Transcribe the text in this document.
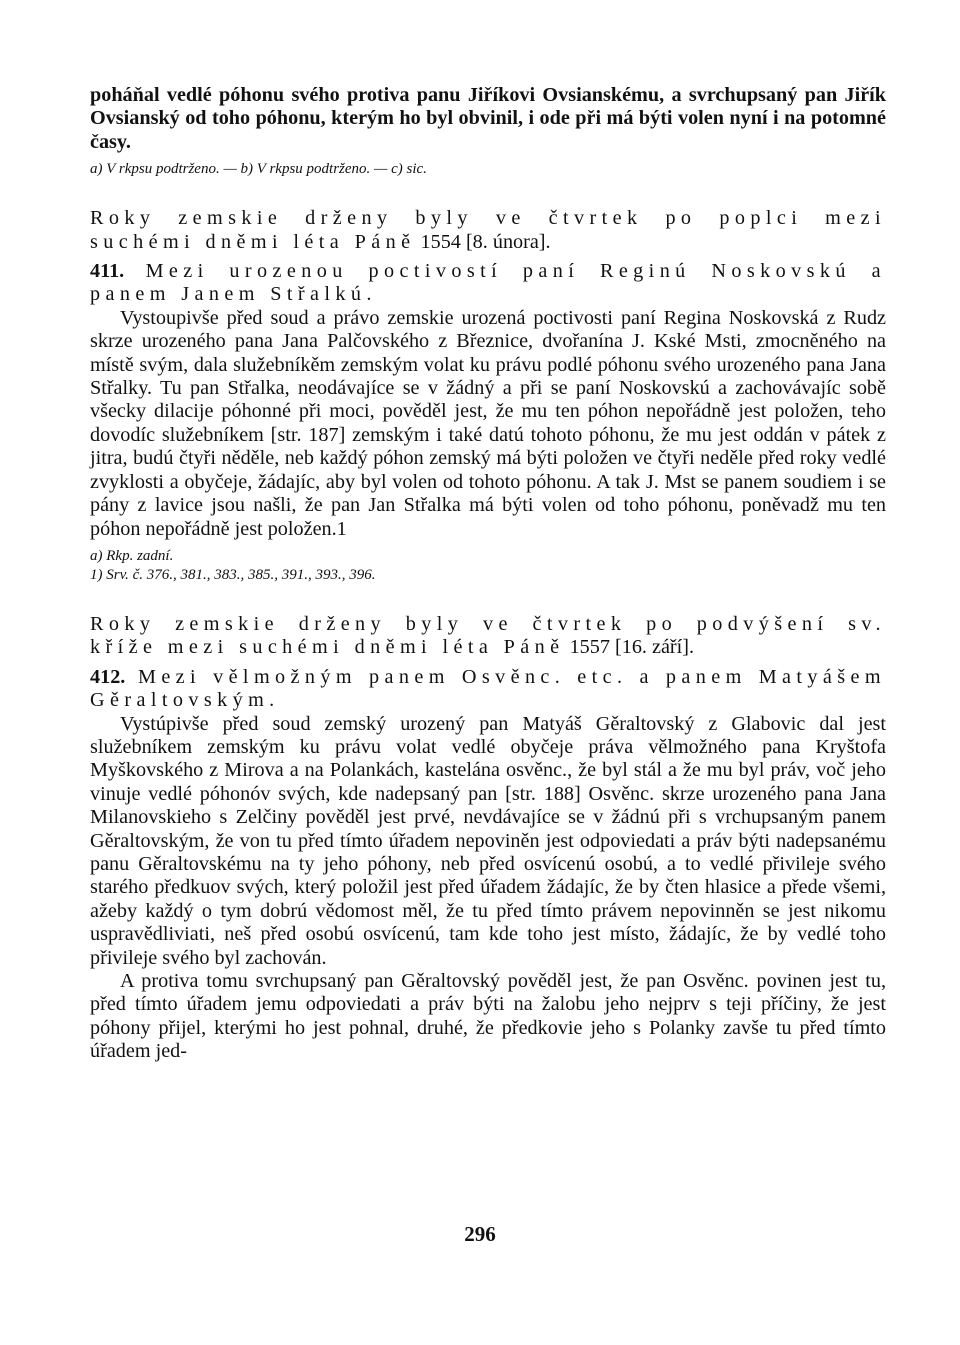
poháňal vedlé póhonu svého protiva panu Jiříkovi Ovsianskému, a svrchupsaný pan Jiřík Ovsianský od toho póhonu, kterým ho byl obvinil, i ode při má býti volen nyní i na potomné časy.

a) V rkpsu podtrženo. — b) V rkpsu podtrženo. — c) sic.

Roky zemskie drženy byly ve čtvrtek po poplci mezi suchémi dněmi léta Páně 1554 [8. února].

411. Mezi urozenou poctivostí paní Reginú Noskovskú a panem Janem Střalkú.

Vystoupivše před soud a právo zemskie urozená poctivosti paní Regina Noskovská z Rudz skrze urozeného pana Jana Palčovského z Březnice, dvořanína J. Kské Msti, zmocněného na místě svým, dala služebníkěm zemským volat ku právu podlé póhonu svého urozeného pana Jana Střalky. Tu pan Střalka, neodávajíce se v žádný a při se paní Noskovskú a zachovávajíc sobě všecky dilacije póhonné při moci, pověděl jest, že mu ten póhon nepořádně jest položen, teho dovodíc služebníkem [str. 187] zemským i také datú tohoto póhonu, že mu jest oddán v pátek z jitra, budú čtyři něděle, neb každý póhon zemský má býti položen ve čtyři neděle před roky vedlé zvyklosti a obyčeje, žádajíc, aby byl volen od tohoto póhonu. A tak J. Mst se panem soudiem i se pány z lavice jsou našli, že pan Jan Střalka má býti volen od toho póhonu, poněvadž mu ten póhon nepořádně jest položen.1

a) Rkp. zadní.

1) Srv. č. 376., 381., 383., 385., 391., 393., 396.

Roky zemskie drženy byly ve čtvrtek po podvýšení sv. kříže mezi suchémi dněmi léta Páně 1557 [16. září].

412. Mezi vělmožným panem Osvěnc. etc. a panem Matyášem Gěraltovským.

Vystúpivše před soud zemský urozený pan Matyáš Gěraltovský z Glabovic dal jest služebníkem zemským ku právu volat vedlé obyčeje práva vělmožného pana Kryštofa Myškovského z Mirova a na Polankách, kastelána osvěnc., že byl stál a že mu byl práv, voč jeho vinuje vedlé póhonóv svých, kde nadepsaný pan [str. 188] Osvěnc. skrze urozeného pana Jana Milanovskieho s Zelčiny pověděl jest prvé, nevdávajíce se v žádnú při s vrchupsaným panem Gěraltovským, že von tu před tímto úřadem nepoviněn jest odpoviedati a práv býti nadepsanému panu Gěraltovskému na ty jeho póhony, neb před osvícenú osobú, a to vedlé přivileje svého starého předkuov svých, který položil jest před úřadem žádajíc, že by čten hlasice a přede všemi, ažeby každý o tym dobrú vědomost měl, že tu před tímto právem nepovinněn se jest nikomu uspravědliviati, neš před osobú osvícenú, tam kde toho jest místo, žádajíc, že by vedlé toho přivileje svého byl zachován.

A protiva tomu svrchupsaný pan Gěraltovský pověděl jest, že pan Osvěnc. povinen jest tu, před tímto úřadem jemu odpoviedati a práv býti na žalobu jeho nejprv s teji příčiny, že jest póhony přijel, kterými ho jest pohnal, druhé, že předkovie jeho s Polanky zavše tu před tímto úřadem jed-

296
